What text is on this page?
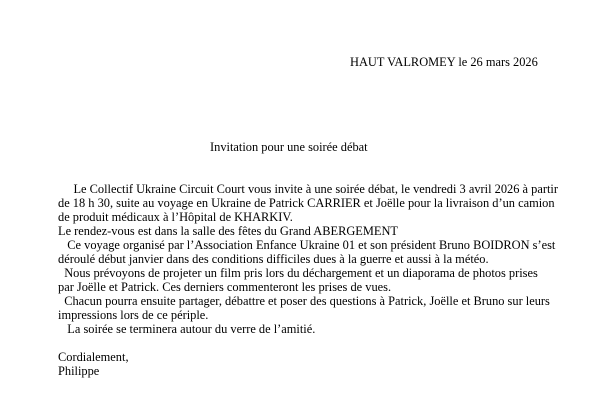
HAUT VALROMEY le 26 mars 2026
Invitation pour une soirée débat
Le Collectif Ukraine Circuit Court vous invite à une soirée débat, le vendredi 3 avril 2026 à partir
de 18 h 30, suite au voyage en Ukraine de Patrick CARRIER et Joëlle pour la livraison d’un camion
de produit médicaux à l’Hôpital de KHARKIV.
Le rendez-vous est dans la salle des fêtes du Grand ABERGEMENT
Ce voyage organisé par l’Association Enfance Ukraine 01 et son président Bruno BOIDRON s’est
déroulé début janvier dans des conditions difficiles dues à la guerre et aussi à la météo.
Nous prévoyons de projeter un film pris lors du déchargement et un diaporama de photos prises
par Joëlle et Patrick. Ces derniers commenteront les prises de vues.
Chacun pourra ensuite partager, débattre et poser des questions à Patrick, Joëlle et Bruno sur leurs
impressions lors de ce périple.
La soirée se terminera autour du verre de l’amitié.
Cordialement,
Philippe
